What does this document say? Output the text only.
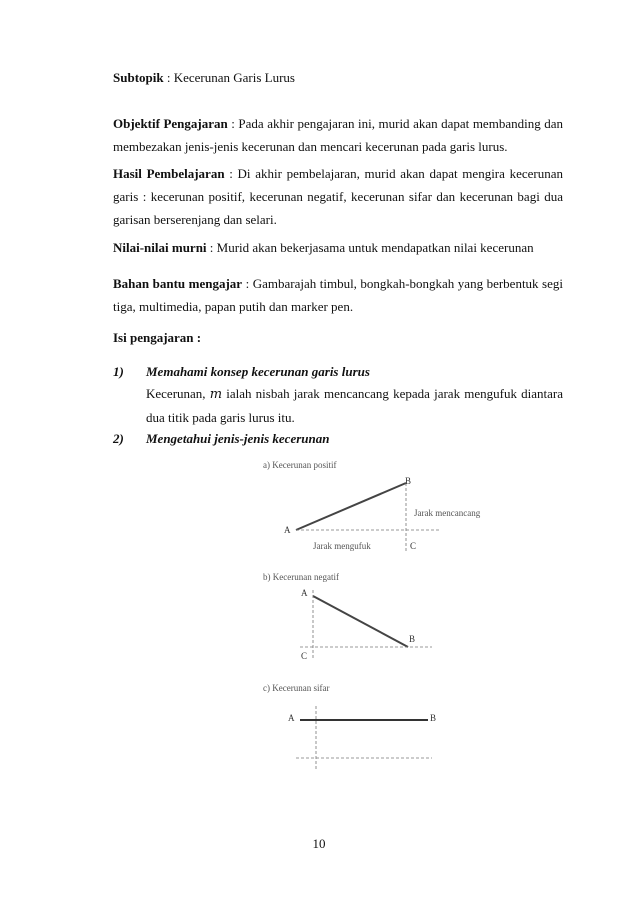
Subtopik : Kecerunan Garis Lurus

Objektif Pengajaran : Pada akhir pengajaran ini, murid akan dapat membanding dan membezakan jenis-jenis kecerunan dan mencari kecerunan pada garis lurus.

Hasil Pembelajaran : Di akhir pembelajaran, murid akan dapat mengira kecerunan garis : kecerunan positif, kecerunan negatif, kecerunan sifar dan kecerunan bagi dua garisan berserenjang dan selari.

Nilai-nilai murni : Murid akan bekerjasama untuk mendapatkan nilai kecerunan

Bahan bantu mengajar : Gambarajah timbul, bongkah-bongkah yang berbentuk segi tiga, multimedia, papan putih dan marker pen.

Isi pengajaran :

1) Memahami konsep kecerunan garis lurus

Kecerunan, m ialah nisbah jarak mencancang kepada jarak mengufuk diantara dua titik pada garis lurus itu.

2) Mengetahui jenis-jenis kecerunan
a) Kecerunan positif
A
B
C
Jarak mencancang
Jarak mengufuk
b) Kecerunan negatif
A
B
C
c) Kecerunan sifar
A	B
10
